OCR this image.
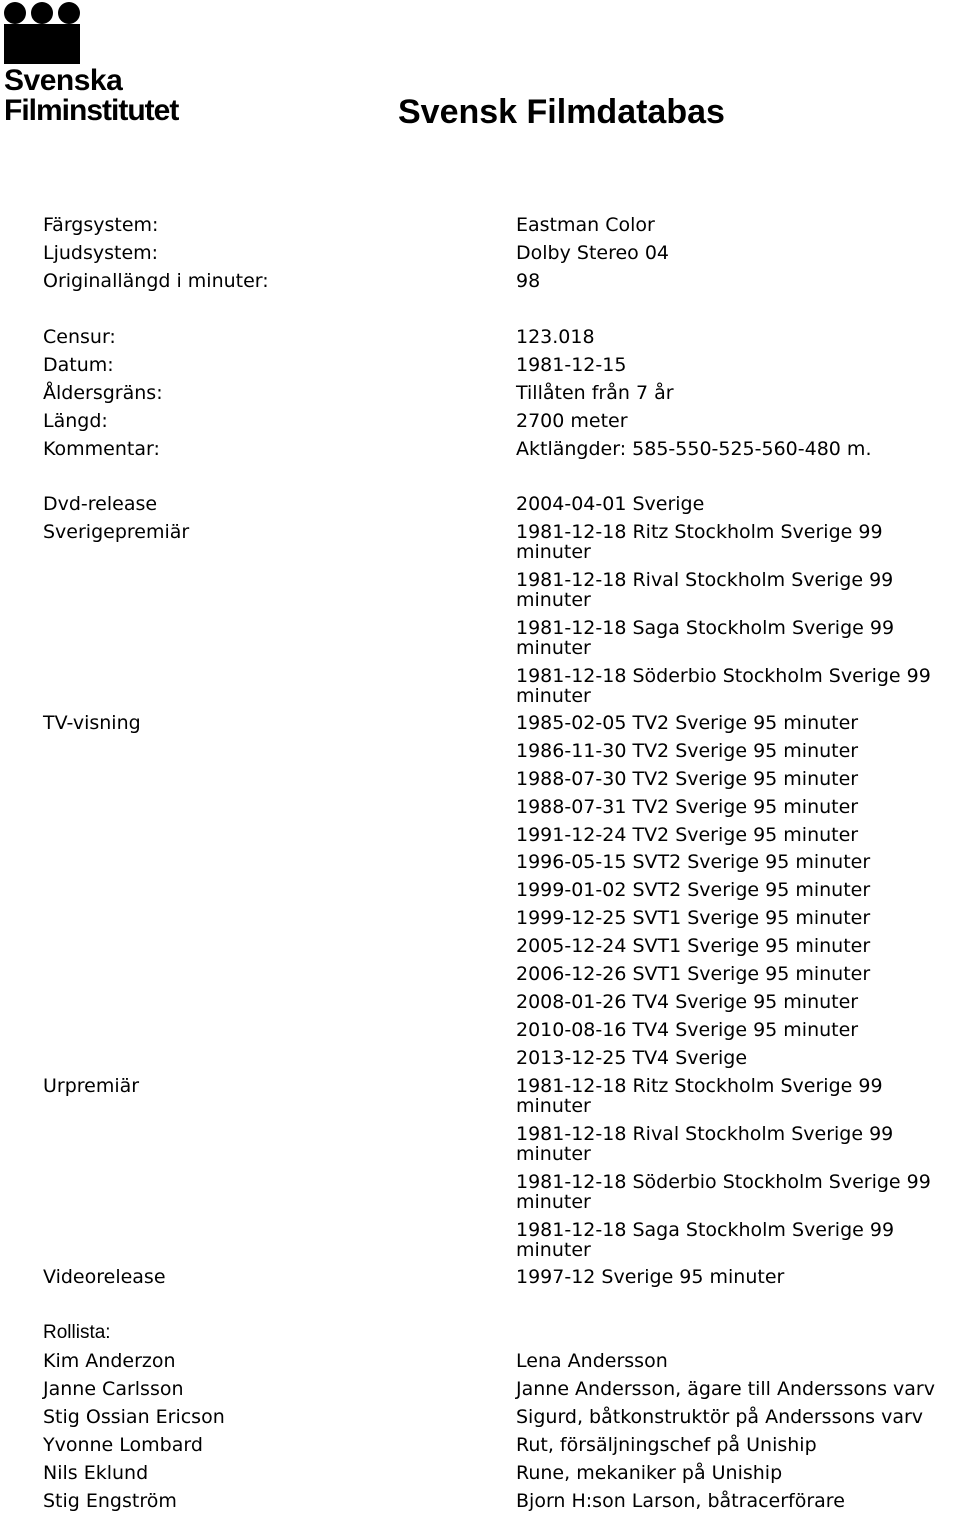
Svenska
Filminstitutet	Svensk Filmdatabas
Färgsystem:	Eastman Color
Ljudsystem:	Dolby Stereo 04
Originallängd i minuter:	98
Censur:	123.018
Datum:	1981-12-15
Åldersgräns:	Tillåten från 7 år
Längd:	2700 meter
Kommentar:	Aktlängder: 585-550-525-560-480 m.
Dvd-release	2004-04-01 Sverige
Sverigepremiär	1981-12-18 Ritz Stockholm Sverige 99 minuter
1981-12-18 Rival Stockholm Sverige 99 minuter
1981-12-18 Saga Stockholm Sverige 99 minuter
1981-12-18 Söderbio Stockholm Sverige 99 minuter
TV-visning	1985-02-05 TV2 Sverige 95 minuter
1986-11-30 TV2 Sverige 95 minuter
1988-07-30 TV2 Sverige 95 minuter
1988-07-31 TV2 Sverige 95 minuter
1991-12-24 TV2 Sverige 95 minuter
1996-05-15 SVT2 Sverige 95 minuter
1999-01-02 SVT2 Sverige 95 minuter
1999-12-25 SVT1 Sverige 95 minuter
2005-12-24 SVT1 Sverige 95 minuter
2006-12-26 SVT1 Sverige 95 minuter
2008-01-26 TV4 Sverige 95 minuter
2010-08-16 TV4 Sverige 95 minuter
2013-12-25 TV4 Sverige
Urpremiär	1981-12-18 Ritz Stockholm Sverige 99 minuter
1981-12-18 Rival Stockholm Sverige 99 minuter
1981-12-18 Söderbio Stockholm Sverige 99 minuter
1981-12-18 Saga Stockholm Sverige 99 minuter
Videorelease	1997-12 Sverige 95 minuter
Rollista:
Kim Anderzon	Lena Andersson
Janne Carlsson	Janne Andersson, ägare till Anderssons varv
Stig Ossian Ericson	Sigurd, båtkonstruktör på Anderssons varv
Yvonne Lombard	Rut, försäljningschef på Uniship
Nils Eklund	Rune, mekaniker på Uniship
Stig Engström	Bjorn H:son Larson, båtracerförare
